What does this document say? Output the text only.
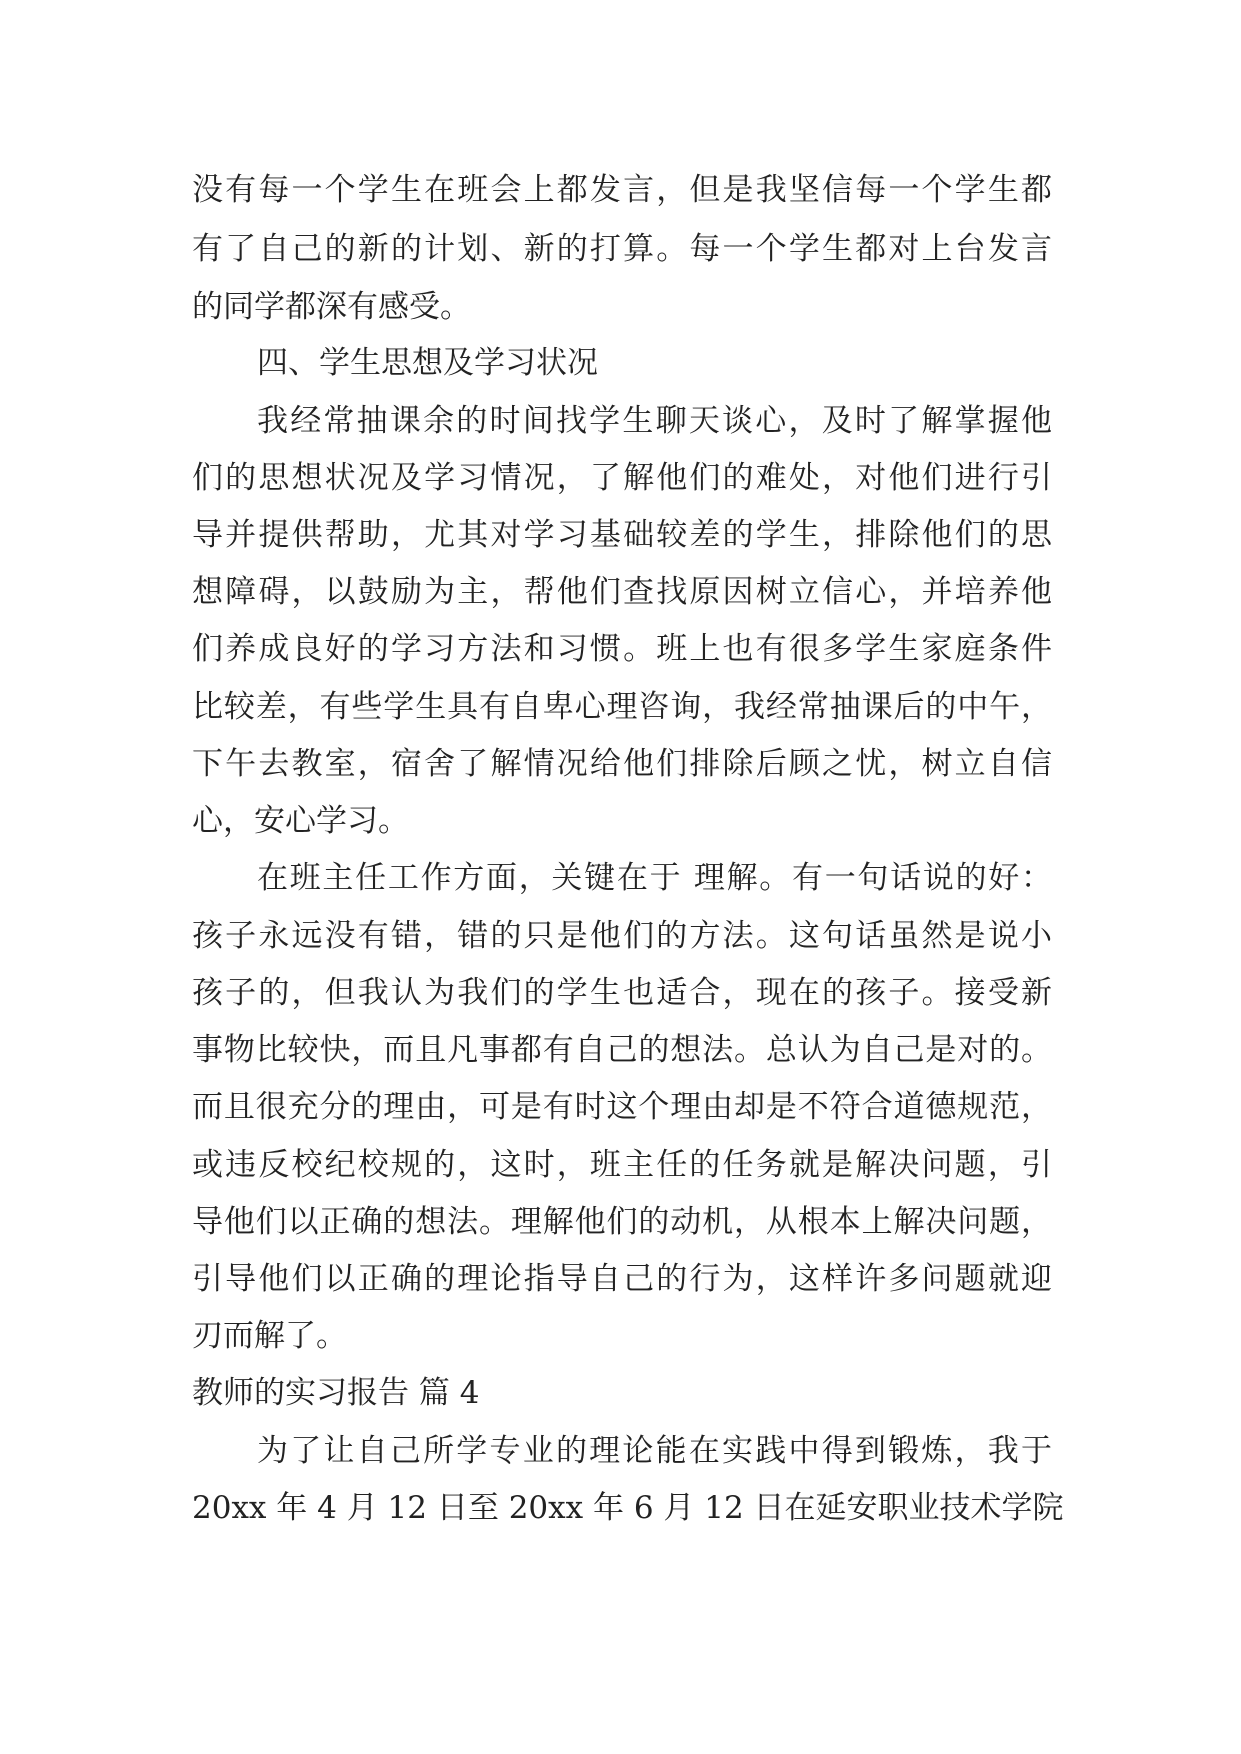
没有每一个学生在班会上都发言，但是我坚信每一个学生都
有了自己的新的计划、新的打算。每一个学生都对上台发言
的同学都深有感受。
四、学生思想及学习状况
我经常抽课余的时间找学生聊天谈心，及时了解掌握他
们的思想状况及学习情况，了解他们的难处，对他们进行引
导并提供帮助，尤其对学习基础较差的学生，排除他们的思
想障碍，以鼓励为主，帮他们查找原因树立信心，并培养他
们养成良好的学习方法和习惯。班上也有很多学生家庭条件
比较差，有些学生具有自卑心理咨询，我经常抽课后的中午，
下午去教室，宿舍了解情况给他们排除后顾之忧，树立自信
心，安心学习。
在班主任工作方面，关键在于 理解。有一句话说的好：
孩子永远没有错，错的只是他们的方法。这句话虽然是说小
孩子的，但我认为我们的学生也适合，现在的孩子。接受新
事物比较快，而且凡事都有自己的想法。总认为自己是对的。
而且很充分的理由，可是有时这个理由却是不符合道德规范，
或违反校纪校规的，这时，班主任的任务就是解决问题，引
导他们以正确的想法。理解他们的动机，从根本上解决问题，
引导他们以正确的理论指导自己的行为，这样许多问题就迎
刃而解了。
教师的实习报告 篇 4
为了让自己所学专业的理论能在实践中得到锻炼，我于
20xx 年 4 月 12 日至 20xx 年 6 月 12 日在延安职业技术学院
